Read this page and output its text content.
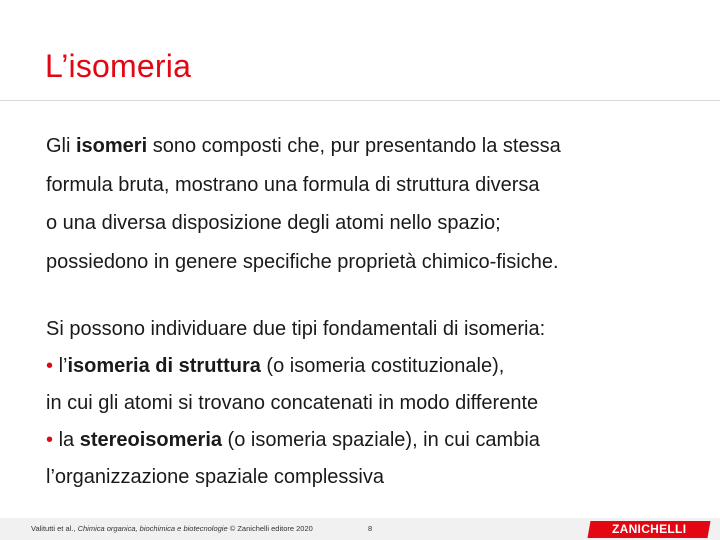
L’isomeria
Gli isomeri sono composti che, pur presentando la stessa
formula bruta, mostrano una formula di struttura diversa
o una diversa disposizione degli atomi nello spazio;
possiedono in genere specifiche proprietà chimico-fisiche.
Si possono individuare due tipi fondamentali di isomeria:
• l’isomeria di struttura (o isomeria costituzionale),
in cui gli atomi si trovano concatenati in modo differente
• la stereoisomeria (o isomeria spaziale), in cui cambia
l’organizzazione spaziale complessiva
Valitutti et al., Chimica organica, biochimica e biotecnologie © Zanichelli editore 2020	8	ZANICHELLI
